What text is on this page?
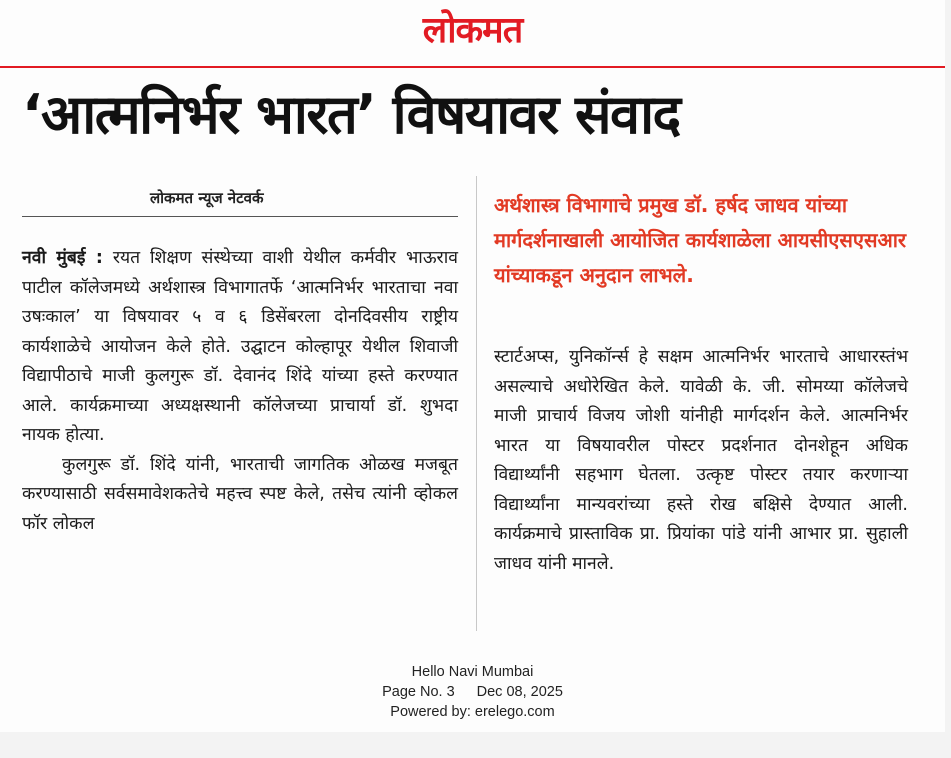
लोकमत
‘आत्मनिर्भर भारत’ विषयावर संवाद
लोकमत न्यूज नेटवर्क

नवी मुंबई : रयत शिक्षण संस्थेच्या वाशी येथील कर्मवीर भाऊराव पाटील कॉलेजमध्ये अर्थशास्त्र विभागातर्फे ‘आत्मनिर्भर भारताचा नवा उषःकाल’ या विषयावर ५ व ६ डिसेंबरला दोनदिवसीय राष्ट्रीय कार्यशाळेचे आयोजन केले होते. उद्घाटन कोल्हापूर येथील शिवाजी विद्यापीठाचे माजी कुलगुरू डॉ. देवानंद शिंदे यांच्या हस्ते करण्यात आले. कार्यक्रमाच्या अध्यक्षस्थानी कॉलेजच्या प्राचार्या डॉ. शुभदा नायक होत्या.

कुलगुरू डॉ. शिंदे यांनी, भारताची जागतिक ओळख मजबूत करण्यासाठी सर्वसमावेशकतेचे महत्त्व स्पष्ट केले, तसेच त्यांनी व्होकल फॉर लोकल

अर्थशास्त्र विभागाचे प्रमुख डॉ. हर्षद जाधव यांच्या मार्गदर्शनाखाली आयोजित कार्यशाळेला आयसीएसएसआर यांच्याकडून अनुदान लाभले.

स्टार्टअप्स, युनिकॉर्न्स हे सक्षम आत्मनिर्भर भारताचे आधारस्तंभ असल्याचे अधोरेखित केले. यावेळी के. जी. सोमय्या कॉलेजचे माजी प्राचार्य विजय जोशी यांनीही मार्गदर्शन केले. आत्मनिर्भर भारत या विषयावरील पोस्टर प्रदर्शनात दोनशेहून अधिक विद्यार्थ्यांनी सहभाग घेतला. उत्कृष्ट पोस्टर तयार करणाऱ्या विद्यार्थ्यांना मान्यवरांच्या हस्ते रोख बक्षिसे देण्यात आली. कार्यक्रमाचे प्रास्ताविक प्रा. प्रियांका पांडे यांनी आभार प्रा. सुहाली जाधव यांनी मानले.

Hello Navi Mumbai
Page No. 3 Dec 08, 2025
Powered by: erelego.com
